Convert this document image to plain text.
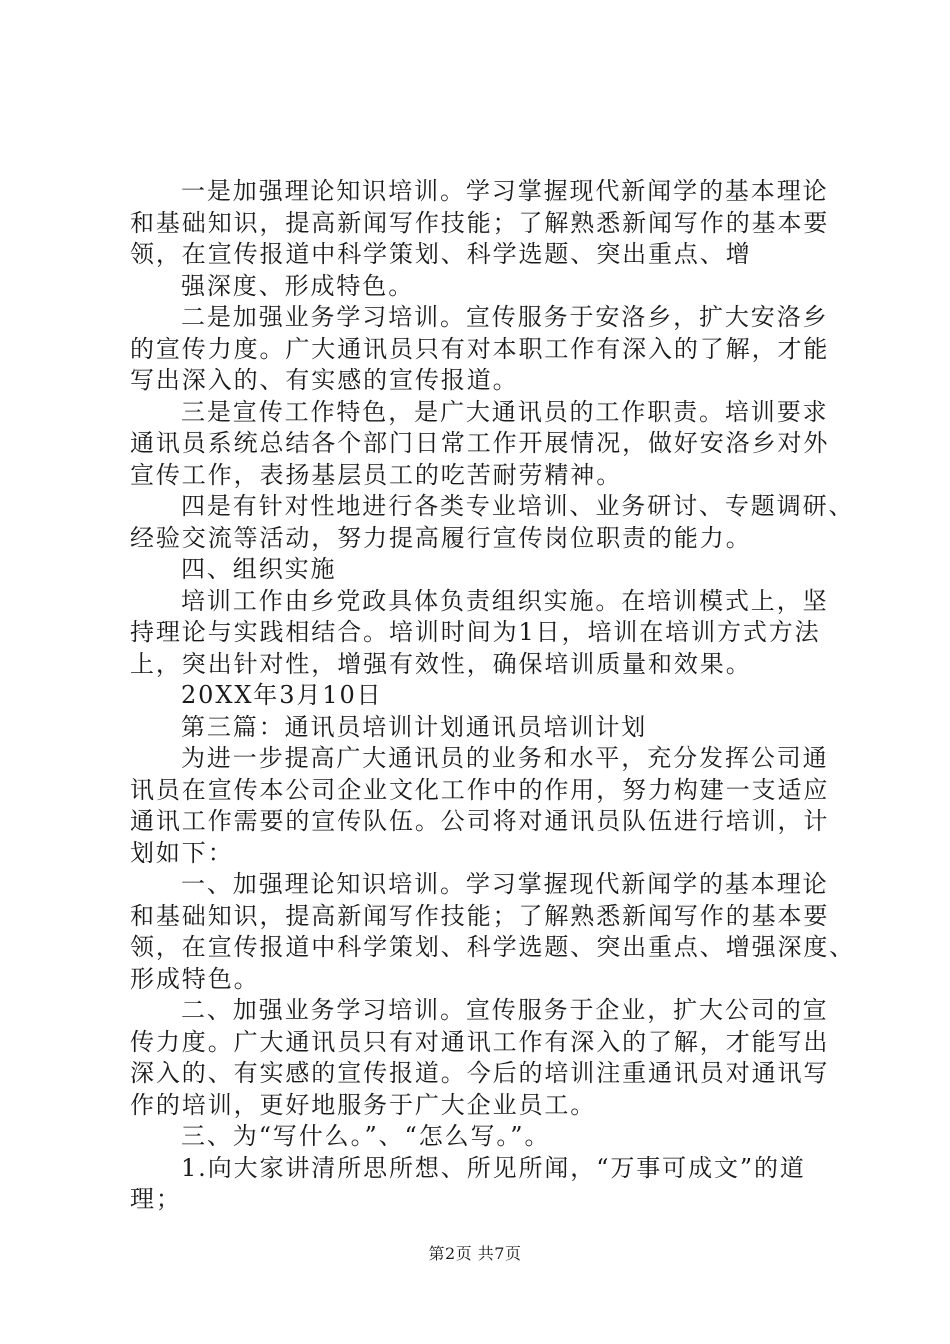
一是加强理论知识培训。学习掌握现代新闻学的基本理论

和基础知识，提高新闻写作技能；了解熟悉新闻写作的基本要

领，在宣传报道中科学策划、科学选题、突出重点、增

强深度、形成特色。

二是加强业务学习培训。宣传服务于安洛乡，扩大安洛乡

的宣传力度。广大通讯员只有对本职工作有深入的了解，才能

写出深入的、有实感的宣传报道。

三是宣传工作特色，是广大通讯员的工作职责。培训要求

通讯员系统总结各个部门日常工作开展情况，做好安洛乡对外

宣传工作，表扬基层员工的吃苦耐劳精神。

四是有针对性地进行各类专业培训、业务研讨、专题调研、

经验交流等活动，努力提高履行宣传岗位职责的能力。

四、组织实施

培训工作由乡党政具体负责组织实施。在培训模式上，坚

持理论与实践相结合。培训时间为1日，培训在培训方式方法

上，突出针对性，增强有效性，确保培训质量和效果。

20XX年3月10日

第三篇：通讯员培训计划通讯员培训计划

为进一步提高广大通讯员的业务和水平，充分发挥公司通

讯员在宣传本公司企业文化工作中的作用，努力构建一支适应

通讯工作需要的宣传队伍。公司将对通讯员队伍进行培训，计

划如下：

一、加强理论知识培训。学习掌握现代新闻学的基本理论

和基础知识，提高新闻写作技能；了解熟悉新闻写作的基本要

领，在宣传报道中科学策划、科学选题、突出重点、增强深度、

形成特色。

二、加强业务学习培训。宣传服务于企业，扩大公司的宣

传力度。广大通讯员只有对通讯工作有深入的了解，才能写出

深入的、有实感的宣传报道。今后的培训注重通讯员对通讯写

作的培训，更好地服务于广大企业员工。

三、为“写什么。”、“怎么写。”。

1.向大家讲清所思所想、所见所闻，“万事可成文”的道

理；

第2页 共7页
